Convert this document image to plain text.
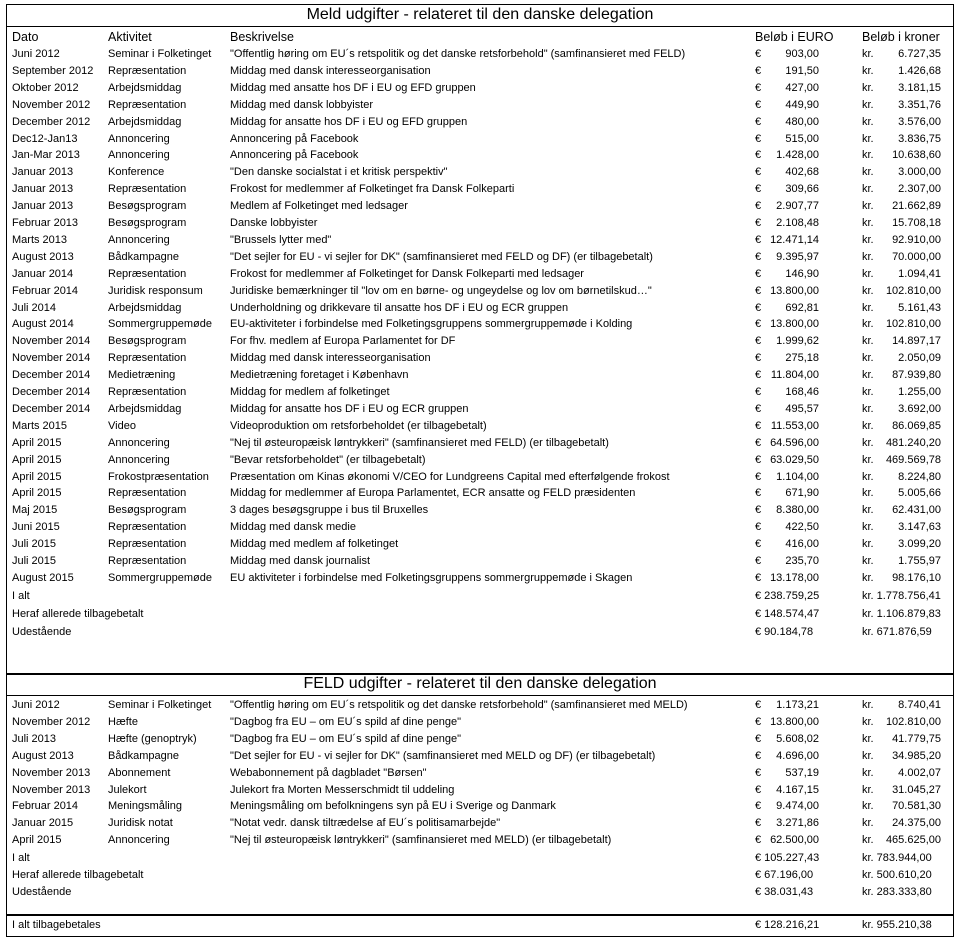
Meld udgifter - relateret til den danske delegation
Dato	Aktivitet	Beskrivelse	Beløb i EURO Beløb i kroner
Juni 2012	Seminar i Folketinget	"Offentlig høring om EU´s retspolitik og det danske retsforbehold" (samfinansieret med FELD)	€	903,00	kr.	6.727,35
September 2012	Repræsentation	Middag med dansk interesseorganisation	€	191,50	kr.	1.426,68
Oktober 2012	Arbejdsmiddag	Middag med ansatte hos DF i EU og EFD gruppen	€	427,00	kr.	3.181,15
November 2012	Repræsentation	Middag med dansk lobbyister	€	449,90	kr.	3.351,76
December 2012	Arbejdsmiddag	Middag for ansatte hos DF i EU og EFD gruppen	€	480,00	kr.	3.576,00
Dec12-Jan13	Annoncering	Annoncering på Facebook	€	515,00	kr.	3.836,75
Jan-Mar 2013	Annoncering	Annoncering på Facebook	€	1.428,00	kr.	10.638,60
Januar 2013	Konference	"Den danske socialstat i et kritisk perspektiv"	€	402,68	kr.	3.000,00
Januar 2013	Repræsentation	Frokost for medlemmer af Folketinget fra Dansk Folkeparti	€	309,66	kr.	2.307,00
Januar 2013	Besøgsprogram	Medlem af Folketinget med ledsager	€	2.907,77	kr.	21.662,89
Februar 2013	Besøgsprogram	Danske lobbyister	€	2.108,48	kr.	15.708,18
Marts 2013	Annoncering	"Brussels lytter med"	€ 12.471,14	kr.	92.910,00
August 2013	Bådkampagne	"Det sejler for EU - vi sejler for DK" (samfinansieret med FELD og DF) (er tilbagebetalt)	€	9.395,97	kr.	70.000,00
Januar 2014	Repræsentation	Frokost for medlemmer af Folketinget for Dansk Folkeparti med ledsager	€	146,90	kr.	1.094,41
Februar 2014	Juridisk responsum	Juridiske bemærkninger til "lov om en børne- og ungeydelse og lov om børnetilskud…"	€ 13.800,00	kr.	102.810,00
Juli 2014	Arbejdsmiddag	Underholdning og drikkevare til ansatte hos DF i EU og ECR gruppen	€	692,81	kr.	5.161,43
August 2014	Sommergruppemøde	EU-aktiviteter i forbindelse med Folketingsgruppens sommergruppemøde i Kolding	€ 13.800,00	kr.	102.810,00
November 2014	Besøgsprogram	For fhv. medlem af Europa Parlamentet for DF	€	1.999,62	kr.	14.897,17
November 2014	Repræsentation	Middag med dansk interesseorganisation	€	275,18	kr.	2.050,09
December 2014	Medietræning	Medietræning foretaget i København	€ 11.804,00	kr.	87.939,80
December 2014	Repræsentation	Middag for medlem af folketinget	€	168,46	kr.	1.255,00
December 2014	Arbejdsmiddag	Middag for ansatte hos DF i EU og ECR gruppen	€	495,57	kr.	3.692,00
Marts 2015	Video	Videoproduktion om retsforbeholdet (er tilbagebetalt)	€ 11.553,00	kr.	86.069,85
April 2015	Annoncering	"Nej til østeuropæisk løntrykkeri" (samfinansieret med FELD) (er tilbagebetalt)	€ 64.596,00	kr.	481.240,20
April 2015	Annoncering	"Bevar retsforbeholdet" (er tilbagebetalt)	€ 63.029,50	kr.	469.569,78
April 2015	Frokostpræsentation	Præsentation om Kinas økonomi V/CEO for Lundgreens Capital med efterfølgende frokost	€	1.104,00	kr.	8.224,80
April 2015	Repræsentation	Middag for medlemmer af Europa Parlamentet, ECR ansatte og FELD præsidenten	€	671,90	kr.	5.005,66
Maj 2015	Besøgsprogram	3 dages besøgsgruppe i bus til Bruxelles	€	8.380,00	kr.	62.431,00
Juni 2015	Repræsentation	Middag med dansk medie	€	422,50	kr.	3.147,63
Juli 2015	Repræsentation	Middag med medlem af folketinget	€	416,00	kr.	3.099,20
Juli 2015	Repræsentation	Middag med dansk journalist	€	235,70	kr.	1.755,97
August 2015	Sommergruppemøde	EU aktiviteter i forbindelse med Folketingsgruppens sommergruppemøde i Skagen	€ 13.178,00	kr.	98.176,10
I alt	€ 238.759,25	kr. 1.778.756,41
Heraf allerede tilbagebetalt	€ 148.574,47	kr. 1.106.879,83
Udestående	€ 90.184,78	kr. 671.876,59
FELD udgifter - relateret til den danske delegation
Juni 2012	Seminar i Folketinget	"Offentlig høring om EU´s retspolitik og det danske retsforbehold" (samfinansieret med MELD)	€	1.173,21	kr.	8.740,41
November 2012	Hæfte	"Dagbog fra EU – om EU´s spild af dine penge"	€ 13.800,00	kr.	102.810,00
Juli 2013	Hæfte (genoptryk)	"Dagbog fra EU – om EU´s spild af dine penge"	€	5.608,02	kr.	41.779,75
August 2013	Bådkampagne	"Det sejler for EU - vi sejler for DK" (samfinansieret med MELD og DF) (er tilbagebetalt)	€	4.696,00	kr.	34.985,20
November 2013	Abonnement	Webabonnement på dagbladet "Børsen"	€	537,19	kr.	4.002,07
November 2013	Julekort	Julekort fra Morten Messerschmidt til uddeling	€	4.167,15	kr.	31.045,27
Februar 2014	Meningsmåling	Meningsmåling om befolkningens syn på EU i Sverige og Danmark	€	9.474,00	kr.	70.581,30
Januar 2015	Juridisk notat	"Notat vedr. dansk tiltrædelse af EU´s politisamarbejde"	€	3.271,86	kr.	24.375,00
April 2015	Annoncering	"Nej til østeuropæisk løntrykkeri" (samfinansieret med MELD) (er tilbagebetalt)	€ 62.500,00	kr.	465.625,00
I alt	€ 105.227,43	kr. 783.944,00
Heraf allerede tilbagebetalt	€ 67.196,00	kr. 500.610,20
Udestående	€ 38.031,43	kr. 283.333,80
I alt tilbagebetales	€ 128.216,21	kr. 955.210,38
